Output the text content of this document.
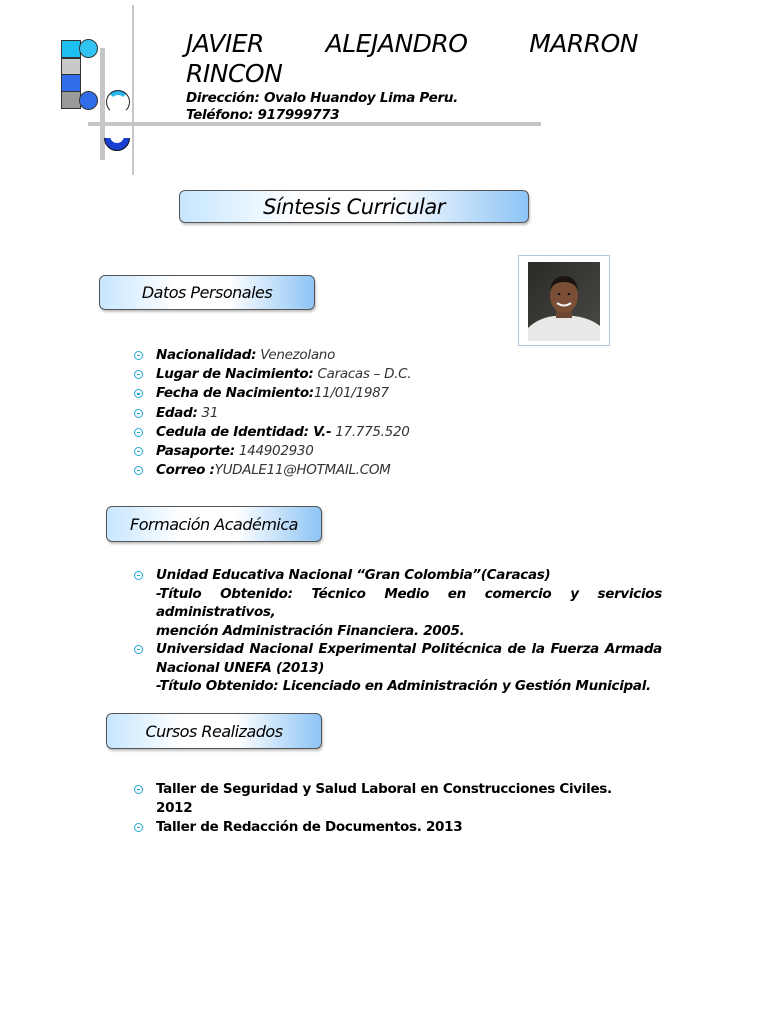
JAVIER ALEJANDRO MARRON
RINCON
Dirección: Ovalo Huandoy Lima Peru.
Teléfono: 917999773
Síntesis Curricular
Datos Personales
Nacionalidad: Venezolano
Lugar de Nacimiento: Caracas – D.C.
Fecha de Nacimiento:11/01/1987
Edad: 31
Cedula de Identidad: V.- 17.775.520
Pasaporte: 144902930
Correo :YUDALE11@HOTMAIL.COM
Formación Académica
Unidad Educativa Nacional “Gran Colombia”(Caracas)
-Título Obtenido: Técnico Medio en comercio y servicios administrativos,
mención Administración Financiera. 2005.
Universidad Nacional Experimental Politécnica de la Fuerza Armada
Nacional UNEFA (2013)
-Título Obtenido: Licenciado en Administración y Gestión Municipal.
Cursos Realizados
Taller de Seguridad y Salud Laboral en Construcciones Civiles. 2012
Taller de Redacción de Documentos. 2013
